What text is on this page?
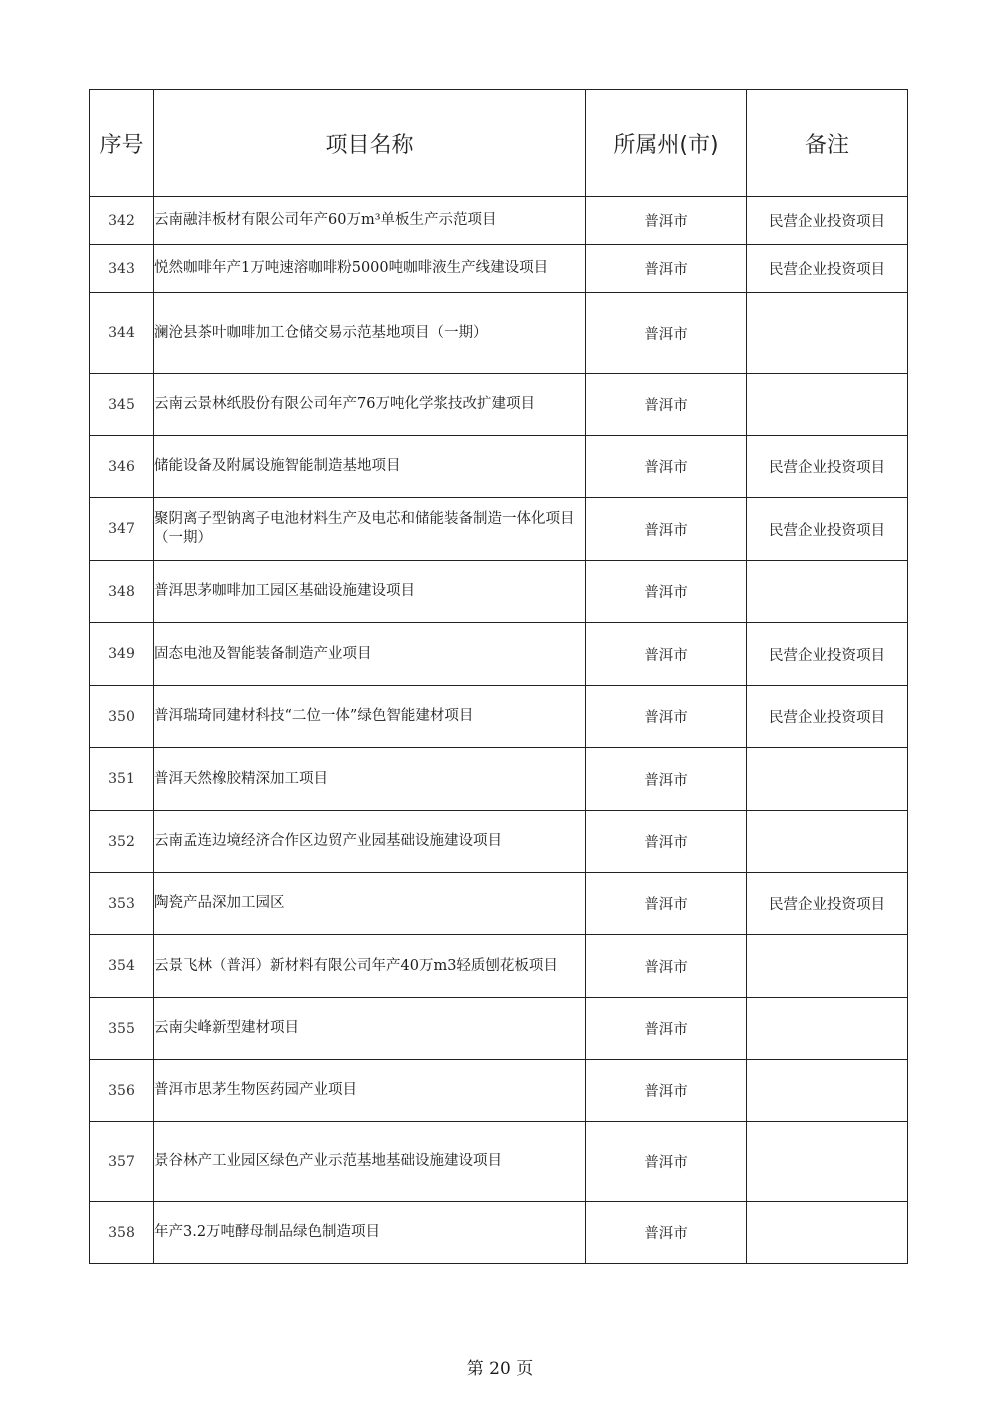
序号	项目名称	所属州(市)	备注
342	云南融沣板材有限公司年产60万m³单板生产示范项目	普洱市	民营企业投资项目
343	悦然咖啡年产1万吨速溶咖啡粉5000吨咖啡液生产线建设项目	普洱市	民营企业投资项目
344	澜沧县茶叶咖啡加工仓储交易示范基地项目（一期）	普洱市	
345	云南云景林纸股份有限公司年产76万吨化学浆技改扩建项目	普洱市	
346	储能设备及附属设施智能制造基地项目	普洱市	民营企业投资项目
347	聚阴离子型钠离子电池材料生产及电芯和储能装备制造一体化项目（一期）	普洱市	民营企业投资项目
348	普洱思茅咖啡加工园区基础设施建设项目	普洱市	
349	固态电池及智能装备制造产业项目	普洱市	民营企业投资项目
350	普洱瑞琦同建材科技“二位一体”绿色智能建材项目	普洱市	民营企业投资项目
351	普洱天然橡胶精深加工项目	普洱市	
352	云南孟连边境经济合作区边贸产业园基础设施建设项目	普洱市	
353	陶瓷产品深加工园区	普洱市	民营企业投资项目
354	云景飞林（普洱）新材料有限公司年产40万m3轻质刨花板项目	普洱市	
355	云南尖峰新型建材项目	普洱市	
356	普洱市思茅生物医药园产业项目	普洱市	
357	景谷林产工业园区绿色产业示范基地基础设施建设项目	普洱市	
358	年产3.2万吨酵母制品绿色制造项目	普洱市	
第 20 页
